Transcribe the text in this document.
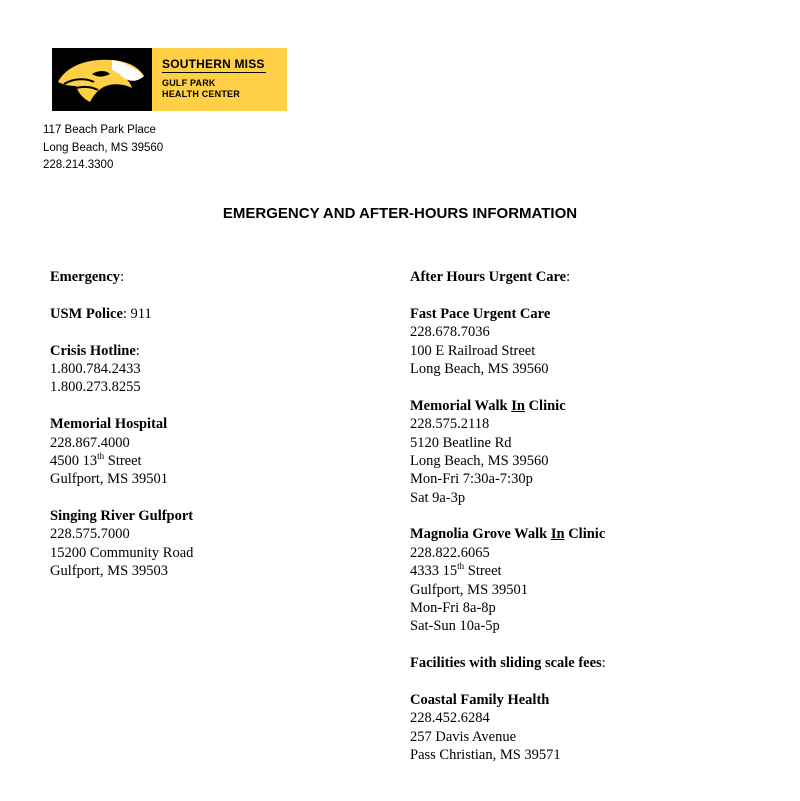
SOUTHERN MISS
GULF PARK
HEALTH CENTER
117 Beach Park Place
Long Beach, MS 39560
228.214.3300
EMERGENCY AND AFTER-HOURS INFORMATION
Emergency:
USM Police: 911
Crisis Hotline:
1.800.784.2433
1.800.273.8255
Memorial Hospital
228.867.4000
4500 13th Street
Gulfport, MS 39501
Singing River Gulfport
228.575.7000
15200 Community Road
Gulfport, MS 39503
After Hours Urgent Care:
Fast Pace Urgent Care
228.678.7036
100 E Railroad Street
Long Beach, MS 39560
Memorial Walk In Clinic
228.575.2118
5120 Beatline Rd
Long Beach, MS 39560
Mon-Fri 7:30a-7:30p
Sat 9a-3p
Magnolia Grove Walk In Clinic
228.822.6065
4333 15th Street
Gulfport, MS 39501
Mon-Fri 8a-8p
Sat-Sun 10a-5p
Facilities with sliding scale fees:
Coastal Family Health
228.452.6284
257 Davis Avenue
Pass Christian, MS 39571
